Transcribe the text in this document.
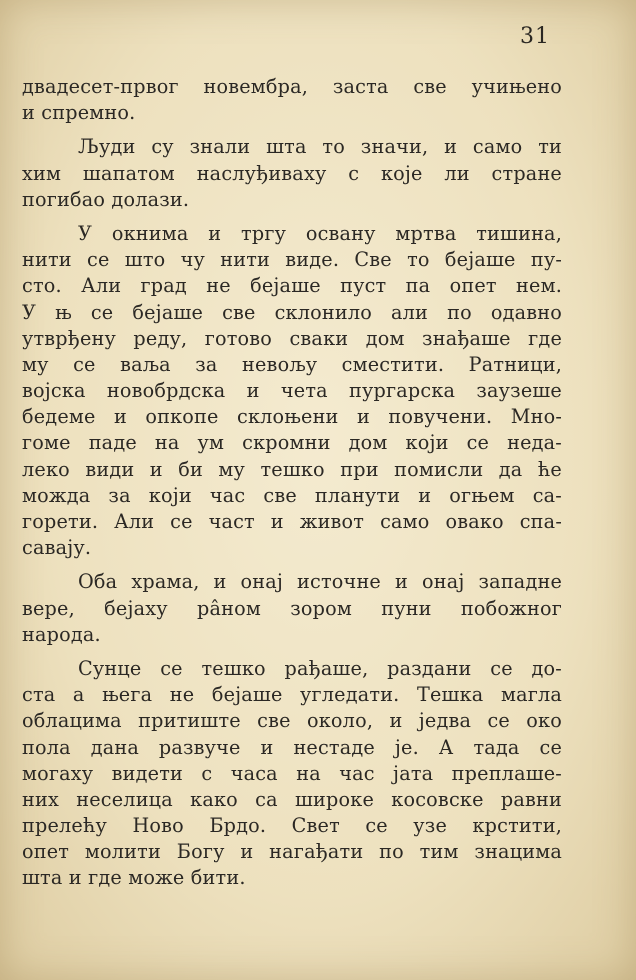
31
двадесет-првог новембра, заста све учињено
и спремно.
Људи су знали шта то значи, и само ти
хим шапатом наслуђиваху с које ли стране
погибао долази.
У окнима и тргу освану мртва тишина,
нити се што чу нити виде. Све то бејаше пу-
сто. Али град не бејаше пуст па опет нем.
У њ се бејаше све склонило али по одавно
утврђену реду, готово сваки дом знађаше где
му се ваља за невољу сместити. Ратници,
војска новобрдска и чета пургарска заузеше
бедеме и опкопе склоњени и повучени. Мно-
гоме паде на ум скромни дом који се неда-
леко види и би му тешко при помисли да ће
можда за који час све планути и огњем са-
горети. Али се част и живот само овако спа-
савају.
Оба храма, и онај источне и онај западне
вере, бејаху рâном зором пуни побожног
народа.
Сунце се тешко рађаше, раздани се до-
ста а њега не бејаше угледати. Тешка магла
облацима притиште све около, и једва се око
пола дана развуче и нестаде је. А тада се
могаху видети с часа на час јата преплаше-
них неселица како са широке косовске равни
прелећу Ново Брдо. Свет се узе крстити,
опет молити Богу и нагађати по тим знацима
шта и где може бити.
